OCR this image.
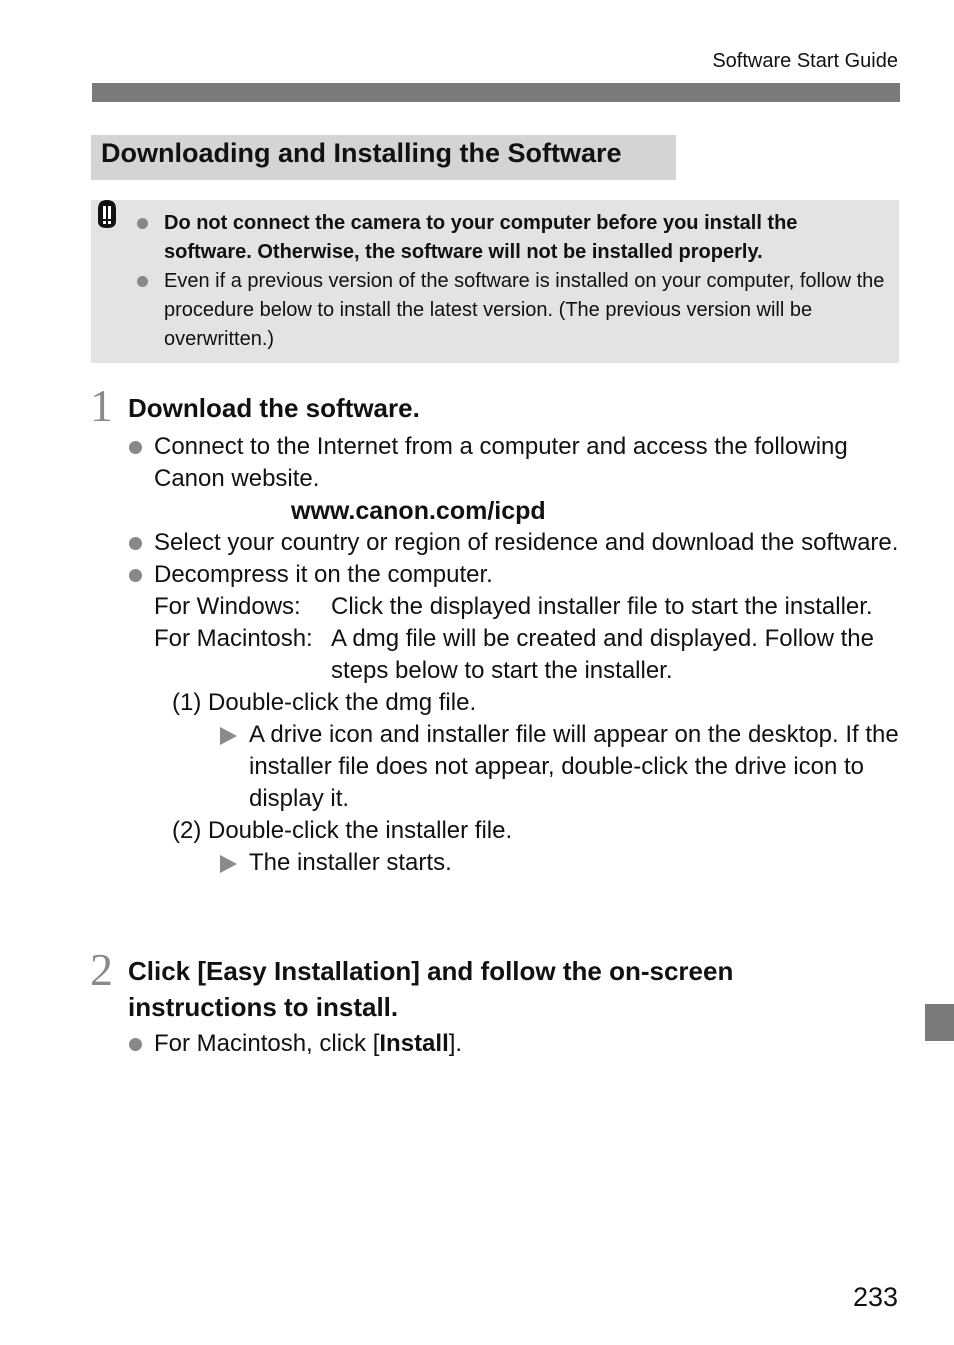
Software Start Guide
Downloading and Installing the Software
Do not connect the camera to your computer before you install the software. Otherwise, the software will not be installed properly.
Even if a previous version of the software is installed on your computer, follow the procedure below to install the latest version. (The previous version will be overwritten.)
1 Download the software.
Connect to the Internet from a computer and access the following Canon website.
www.canon.com/icpd
Select your country or region of residence and download the software.
Decompress it on the computer.
For Windows:	Click the displayed installer file to start the installer.
For Macintosh: A dmg file will be created and displayed. Follow the steps below to start the installer.
(1) Double-click the dmg file.
A drive icon and installer file will appear on the desktop. If the installer file does not appear, double-click the drive icon to display it.
(2) Double-click the installer file.
The installer starts.
2 Click [Easy Installation] and follow the on-screen instructions to install.
For Macintosh, click [Install].
233
